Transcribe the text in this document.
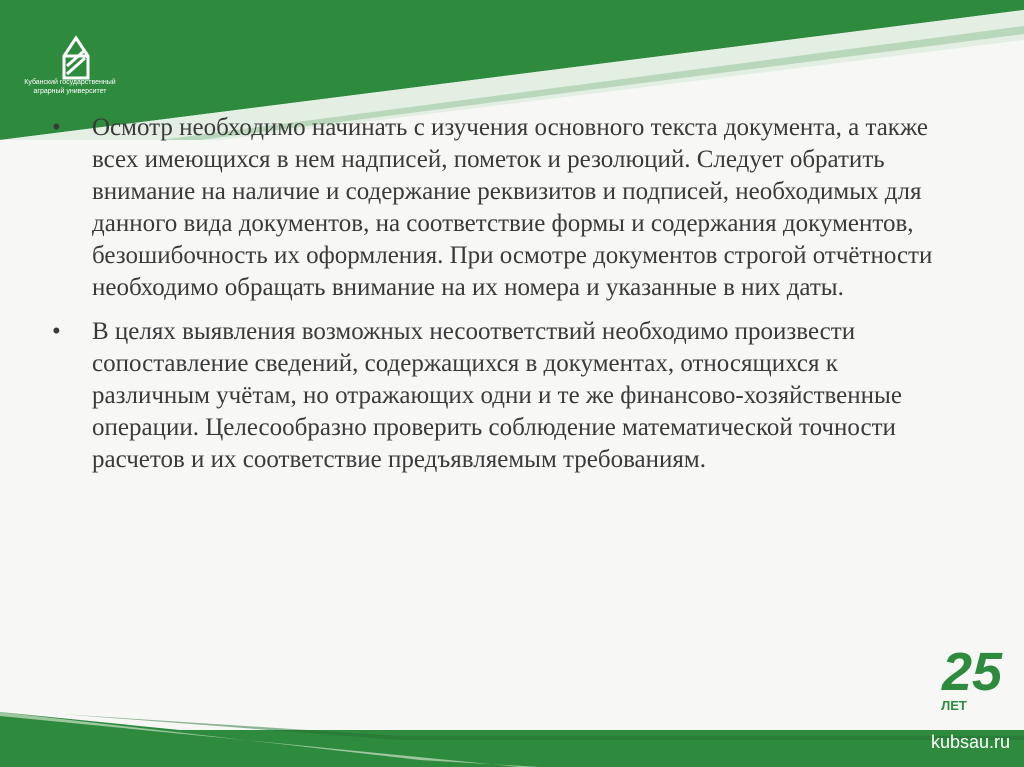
Кубанский государственный аграрный университет
•	Осмотр необходимо начинать с изучения основного текста документа, а также всех имеющихся в нем надписей, пометок и резолюций. Следует обратить внимание на наличие и содержание реквизитов и подписей, необходимых для данного вида документов, на соответствие формы и содержания документов, безошибочность их оформления. При осмотре документов строгой отчётности необходимо обращать внимание на их номера и указанные в них даты.
•	В целях выявления возможных несоответствий необходимо произвести сопоставление сведений, содержащихся в документах, относящихся к различным учётам, но отражающих одни и те же финансово-хозяйственные операции. Целесообразно проверить соблюдение математической точности расчетов и их соответствие предъявляемым требованиям.
25
ЛЕТ
kubsau.ru
